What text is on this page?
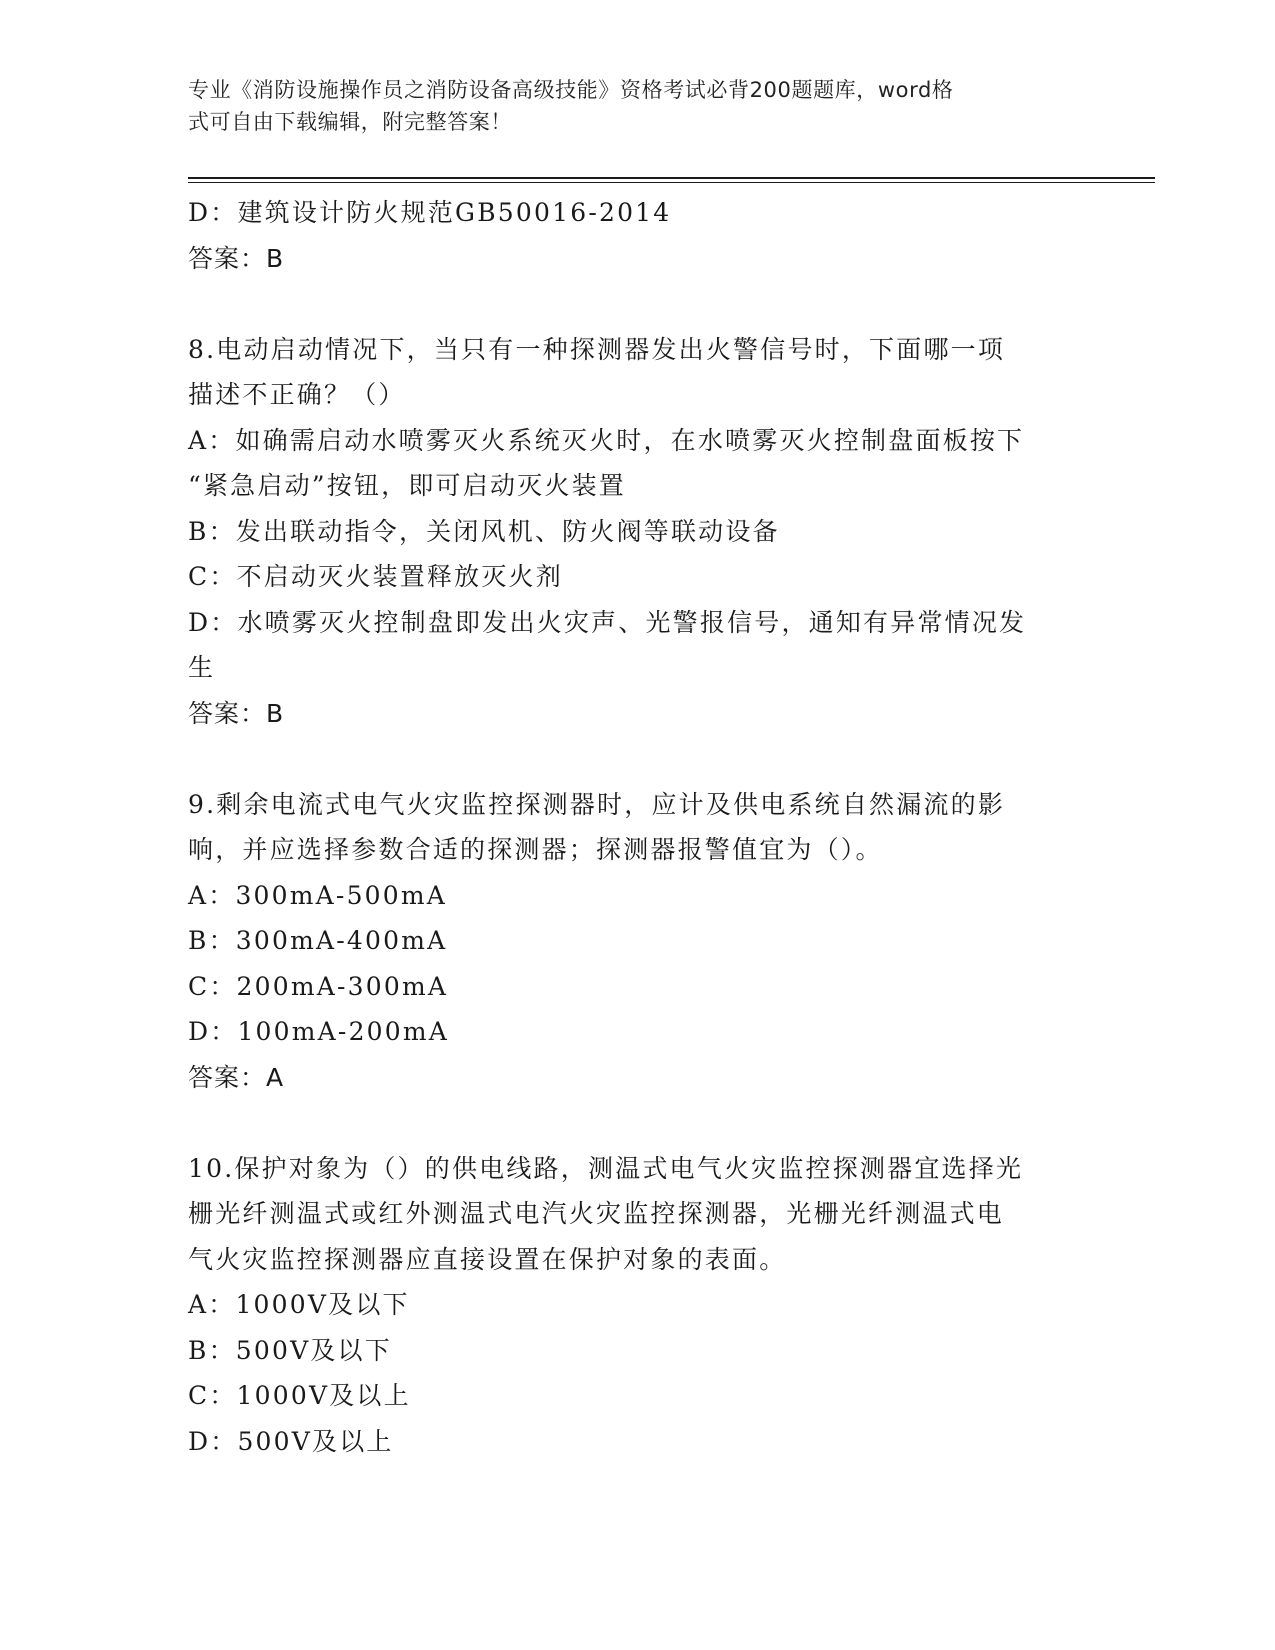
专业《消防设施操作员之消防设备高级技能》资格考试必背200题题库，word格
式可自由下载编辑，附完整答案！
D：建筑设计防火规范GB50016-2014
答案：B
8.电动启动情况下，当只有一种探测器发出火警信号时，下面哪一项
描述不正确？（）
A：如确需启动水喷雾灭火系统灭火时，在水喷雾灭火控制盘面板按下
“紧急启动”按钮，即可启动灭火装置
B：发出联动指令，关闭风机、防火阀等联动设备
C：不启动灭火装置释放灭火剂
D：水喷雾灭火控制盘即发出火灾声、光警报信号，通知有异常情况发
生
答案：B
9.剩余电流式电气火灾监控探测器时，应计及供电系统自然漏流的影
响，并应选择参数合适的探测器；探测器报警值宜为（）。
A：300mA-500mA
B：300mA-400mA
C：200mA-300mA
D：100mA-200mA
答案：A
10.保护对象为（）的供电线路，测温式电气火灾监控探测器宜选择光
栅光纤测温式或红外测温式电汽火灾监控探测器，光栅光纤测温式电
气火灾监控探测器应直接设置在保护对象的表面。
A：1000V及以下
B：500V及以下
C：1000V及以上
D：500V及以上
